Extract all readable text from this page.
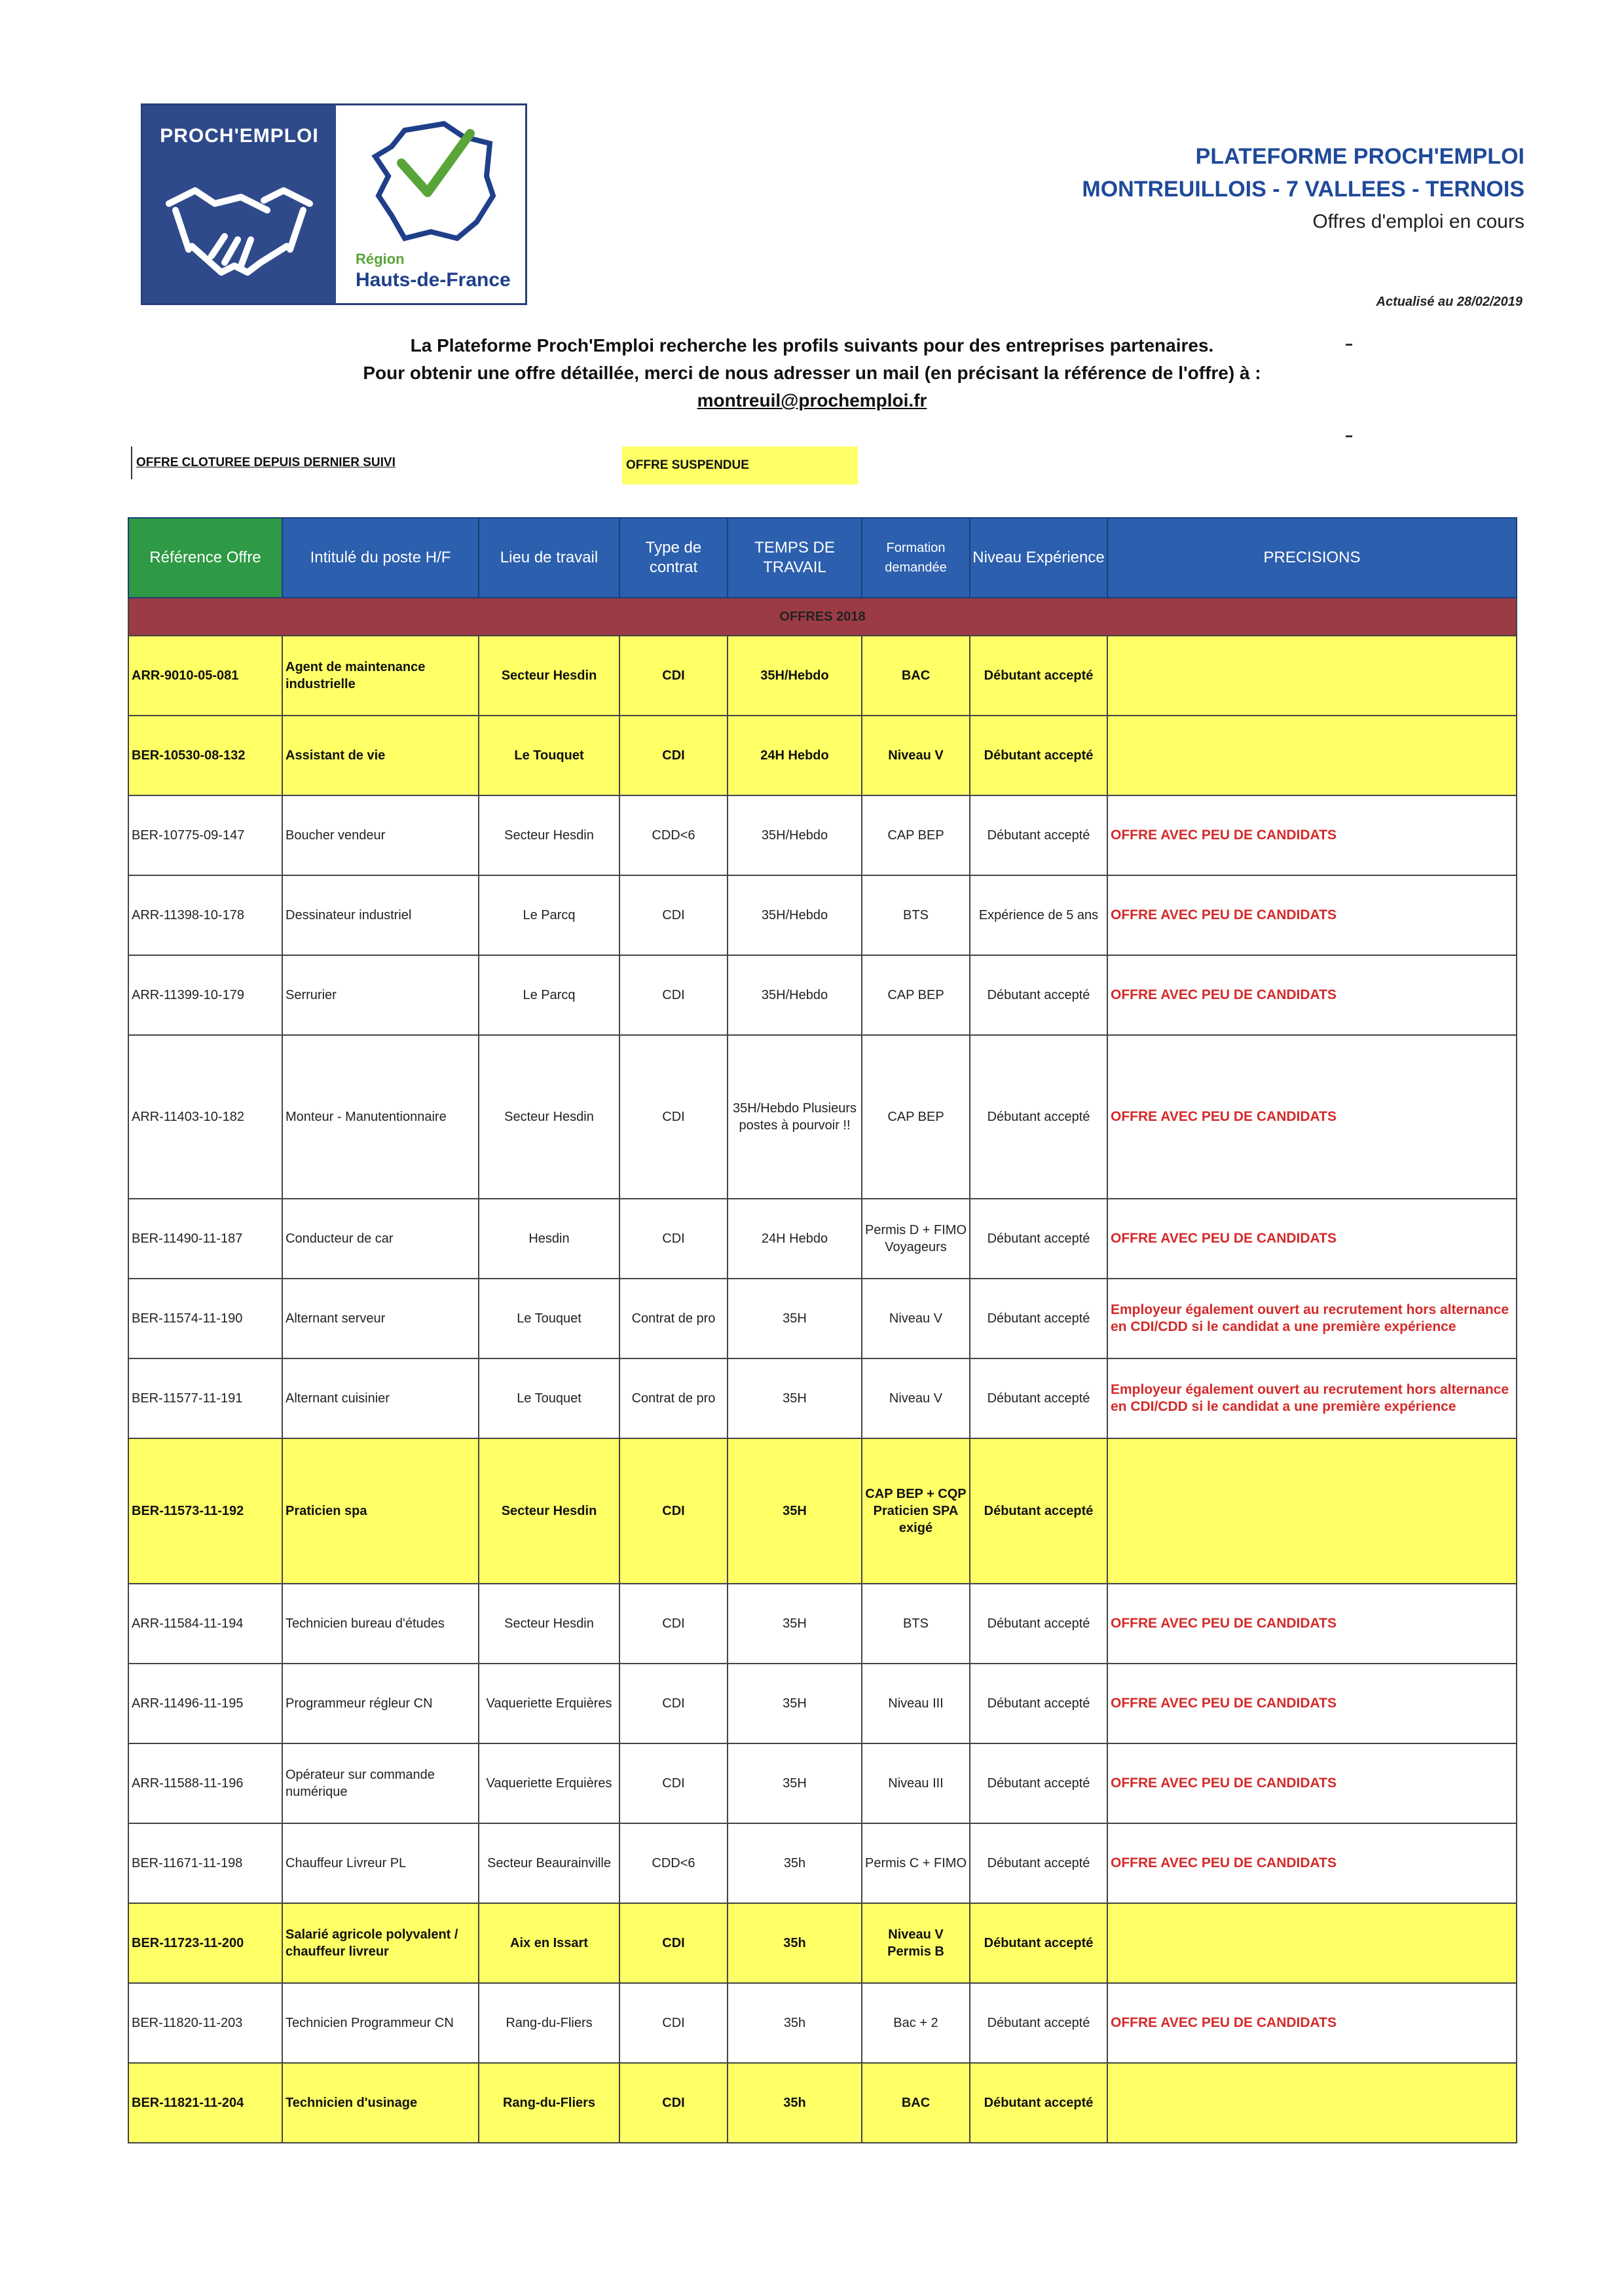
PROCH'EMPLOI
Région
Hauts-de-France
PLATEFORME PROCH'EMPLOI
MONTREUILLOIS - 7 VALLEES - TERNOIS
Offres d'emploi en cours
Actualisé au 28/02/2019
La Plateforme Proch'Emploi recherche les profils suivants pour des entreprises partenaires.
Pour obtenir une offre détaillée, merci de nous adresser un mail (en précisant la référence de l'offre) à :
montreuil@prochemploi.fr
OFFRE CLOTUREE DEPUIS DERNIER SUIVI	OFFRE SUSPENDUE
Référence Offre	Intitulé du poste H/F	Lieu de travail	Type de contrat	TEMPS DE TRAVAIL	Formation demandée	Niveau Expérience	PRECISIONS
OFFRES 2018							
ARR-9010-05-081	Agent de maintenance industrielle	Secteur Hesdin	CDI	35H/Hebdo	BAC	Débutant accepté	
BER-10530-08-132	Assistant de vie	Le Touquet	CDI	24H Hebdo	Niveau V	Débutant accepté	
BER-10775-09-147	Boucher vendeur	Secteur Hesdin	CDD<6	35H/Hebdo	CAP BEP	Débutant accepté	OFFRE AVEC PEU DE CANDIDATS
ARR-11398-10-178	Dessinateur industriel	Le Parcq	CDI	35H/Hebdo	BTS	Expérience de 5 ans	OFFRE AVEC PEU DE CANDIDATS
ARR-11399-10-179	Serrurier	Le Parcq	CDI	35H/Hebdo	CAP BEP	Débutant accepté	OFFRE AVEC PEU DE CANDIDATS
ARR-11403-10-182	Monteur - Manutentionnaire	Secteur Hesdin	CDI	35H/Hebdo Plusieurs postes à pourvoir !!	CAP BEP	Débutant accepté	OFFRE AVEC PEU DE CANDIDATS
BER-11490-11-187	Conducteur de car	Hesdin	CDI	24H Hebdo	Permis D + FIMO Voyageurs	Débutant accepté	OFFRE AVEC PEU DE CANDIDATS
BER-11574-11-190	Alternant serveur	Le Touquet	Contrat de pro	35H	Niveau V	Débutant accepté	Employeur également ouvert au recrutement hors alternance en CDI/CDD si le candidat a une première expérience
BER-11577-11-191	Alternant cuisinier	Le Touquet	Contrat de pro	35H	Niveau V	Débutant accepté	Employeur également ouvert au recrutement hors alternance en CDI/CDD si le candidat a une première expérience
BER-11573-11-192	Praticien spa	Secteur Hesdin	CDI	35H	CAP BEP + CQP Praticien SPA exigé	Débutant accepté	
ARR-11584-11-194	Technicien bureau d'études	Secteur Hesdin	CDI	35H	BTS	Débutant accepté	OFFRE AVEC PEU DE CANDIDATS
ARR-11496-11-195	Programmeur régleur CN	Vaqueriette Erquières	CDI	35H	Niveau III	Débutant accepté	OFFRE AVEC PEU DE CANDIDATS
ARR-11588-11-196	Opérateur sur commande numérique	Vaqueriette Erquières	CDI	35H	Niveau III	Débutant accepté	OFFRE AVEC PEU DE CANDIDATS
BER-11671-11-198	Chauffeur Livreur PL	Secteur Beaurainville	CDD<6	35h	Permis C + FIMO	Débutant accepté	OFFRE AVEC PEU DE CANDIDATS
BER-11723-11-200	Salarié agricole polyvalent / chauffeur livreur	Aix en Issart	CDI	35h	Niveau V Permis B	Débutant accepté	
BER-11820-11-203	Technicien Programmeur CN	Rang-du-Fliers	CDI	35h	Bac + 2	Débutant accepté	OFFRE AVEC PEU DE CANDIDATS
BER-11821-11-204	Technicien d'usinage	Rang-du-Fliers	CDI	35h	BAC	Débutant accepté	
